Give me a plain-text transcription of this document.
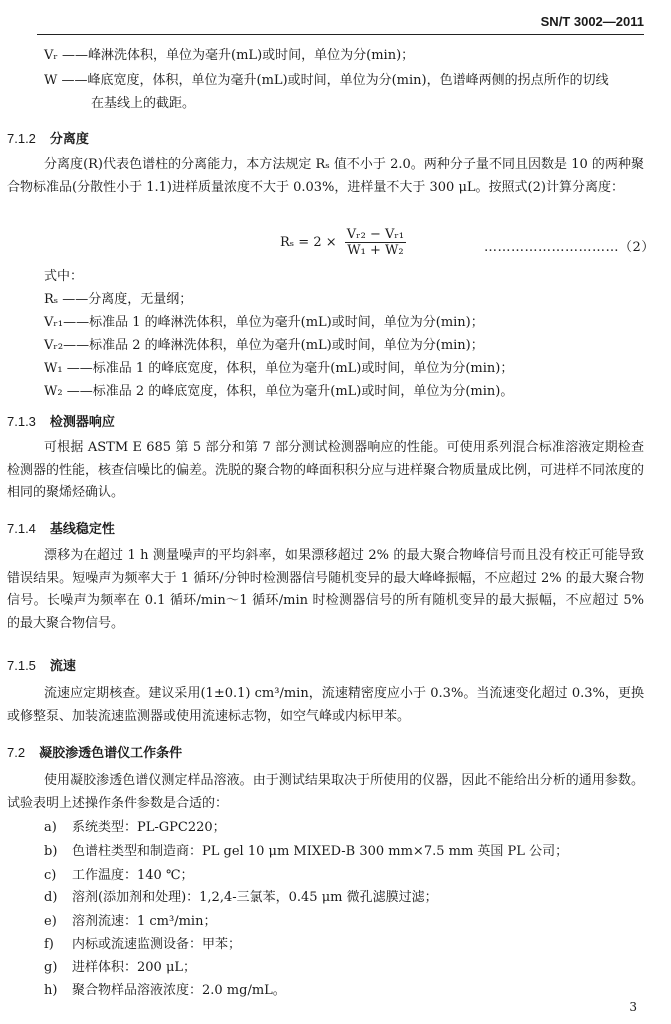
SN/T 3002—2011
Vᵣ ——峰淋洗体积，单位为毫升(mL)或时间，单位为分(min)；
W ——峰底宽度，体积，单位为毫升(mL)或时间，单位为分(min)，色谱峰两侧的拐点所作的切线
在基线上的截距。
7.1.2 分离度
分离度(R)代表色谱柱的分离能力，本方法规定 Rₛ 值不小于 2.0。两种分子量不同且因数是 10 的两种聚合物标准品(分散性小于 1.1)进样质量浓度不大于 0.03%，进样量不大于 300 μL。按照式(2)计算分离度：
$R_s = 2 \times \frac{\text{Vᵣ₂ − Vᵣ₁}}{\text{W₁ + W₂}}$	…………………………（2）
式中：
Rₛ ——分离度，无量纲；
Vᵣ₁——标准品 1 的峰淋洗体积，单位为毫升(mL)或时间，单位为分(min)；
Vᵣ₂——标准品 2 的峰淋洗体积，单位为毫升(mL)或时间，单位为分(min)；
W₁ ——标准品 1 的峰底宽度，体积，单位为毫升(mL)或时间，单位为分(min)；
W₂ ——标准品 2 的峰底宽度，体积，单位为毫升(mL)或时间，单位为分(min)。
7.1.3 检测器响应
可根据 ASTM E 685 第 5 部分和第 7 部分测试检测器响应的性能。可使用系列混合标准溶液定期检查检测器的性能，核查信噪比的偏差。洗脱的聚合物的峰面积积分应与进样聚合物质量成比例，可进样不同浓度的相同的聚烯烃确认。
7.1.4 基线稳定性
漂移为在超过 1 h 测量噪声的平均斜率，如果漂移超过 2% 的最大聚合物峰信号而且没有校正可能导致错误结果。短噪声为频率大于 1 循环/分钟时检测器信号随机变异的最大峰峰振幅，不应超过 2% 的最大聚合物信号。长噪声为频率在 0.1 循环/min～1 循环/min 时检测器信号的所有随机变异的最大振幅，不应超过 5% 的最大聚合物信号。
7.1.5 流速
流速应定期核查。建议采用(1±0.1) cm³/min，流速精密度应小于 0.3%。当流速变化超过 0.3%，更换或修整泵、加装流速监测器或使用流速标志物，如空气峰或内标甲苯。
7.2 凝胶渗透色谱仪工作条件
使用凝胶渗透色谱仪测定样品溶液。由于测试结果取决于所使用的仪器，因此不能给出分析的通用参数。试验表明上述操作条件参数是合适的：
a) 系统类型：PL-GPC220；
b) 色谱柱类型和制造商：PL gel 10 μm MIXED-B 300 mm×7.5 mm 英国 PL 公司；
c) 工作温度：140 ℃；
d) 溶剂(添加剂和处理)：1,2,4-三氯苯，0.45 μm 微孔滤膜过滤；
e) 溶剂流速：1 cm³/min；
f) 内标或流速监测设备：甲苯；
g) 进样体积：200 μL；
h) 聚合物样品溶液浓度：2.0 mg/mL。
3
